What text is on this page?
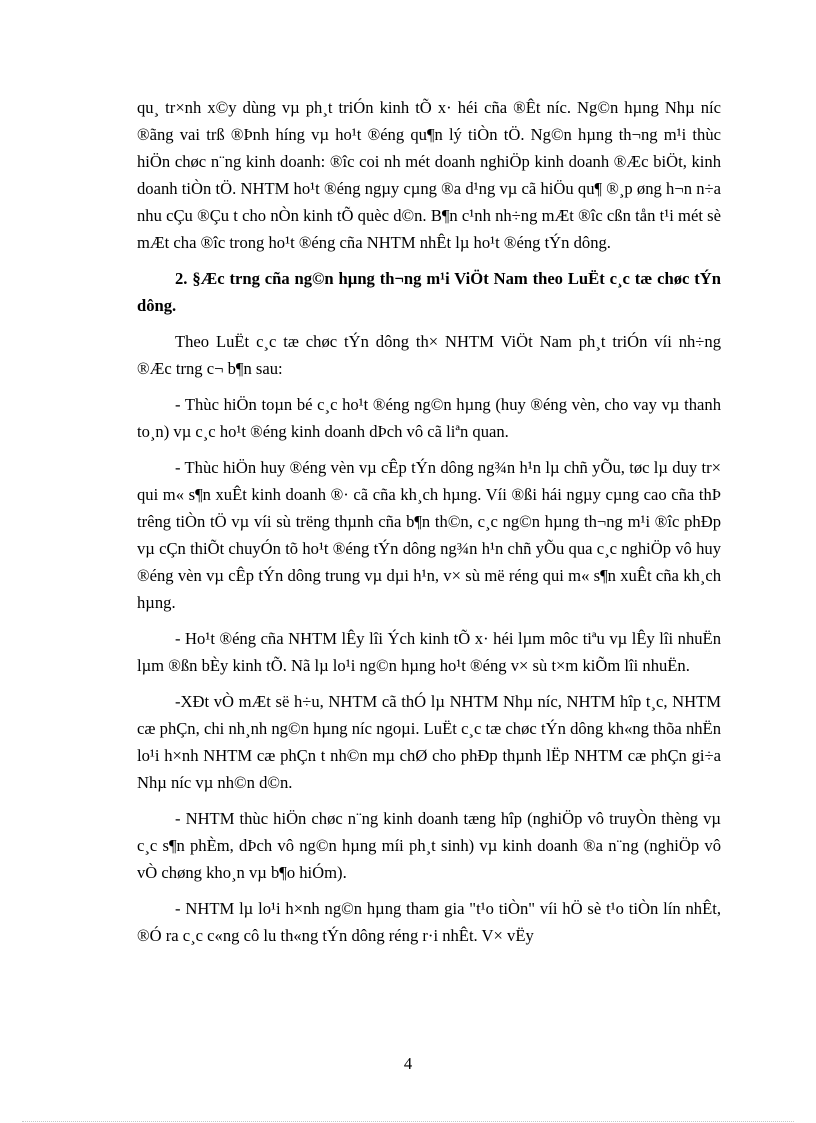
qu¸ tr×nh x©y dùng vµ ph¸t triÓn kinh tÕ x· héi cña ®Êt níc. Ng©n hµng Nhµ níc ®ãng vai trß ®Þnh híng vµ ho¹t ®éng qu¶n lý tiÒn tÖ. Ng©n hµng th¬ng m¹i thùc hiÖn chøc n¨ng kinh doanh: ®îc coi nh mét doanh nghiÖp kinh doanh ®Æc biÖt, kinh doanh tiÒn tÖ. NHTM ho¹t ®éng ngµy cµng ®a d¹ng vµ cã hiÖu qu¶ ®¸p øng h¬n n÷a nhu cÇu ®Çu t cho nÒn kinh tÕ quèc d©n. B¶n c¹nh nh÷ng mÆt ®îc cßn tån t¹i mét sè mÆt cha ®îc trong ho¹t ®éng cña NHTM nhÊt lµ ho¹t ®éng tÝn dông.

2. §Æc trng cña ng©n hµng th¬ng m¹i ViÖt Nam theo LuËt c¸c tæ chøc tÝn dông.

Theo LuËt c¸c tæ chøc tÝn dông th× NHTM ViÖt Nam ph¸t triÓn víi nh÷ng ®Æc trng c¬ b¶n sau:

- Thùc hiÖn toµn bé c¸c ho¹t ®éng ng©n hµng (huy ®éng vèn, cho vay vµ thanh to¸n) vµ c¸c ho¹t ®éng kinh doanh dÞch vô cã liªn quan.

- Thùc hiÖn huy ®éng vèn vµ cÊp tÝn dông ng¾n h¹n lµ chñ yÕu, tøc lµ duy tr× qui m« s¶n xuÊt kinh doanh ®· cã cña kh¸ch hµng. Víi ®ßi hái ngµy cµng cao cña thÞ trêng tiÒn tÖ vµ víi sù trëng thµnh cña b¶n th©n, c¸c ng©n hµng th¬ng m¹i ®îc phÐp vµ cÇn thiÕt chuyÓn tõ ho¹t ®éng tÝn dông ng¾n h¹n chñ yÕu qua c¸c nghiÖp vô huy ®éng vèn vµ cÊp tÝn dông trung vµ dµi h¹n, v× sù më réng qui m« s¶n xuÊt cña kh¸ch hµng.

- Ho¹t ®éng cña NHTM lÊy lîi Ých kinh tÕ x· héi lµm môc tiªu vµ lÊy lîi nhuËn lµm ®ßn bÈy kinh tÕ. Nã lµ lo¹i ng©n hµng ho¹t ®éng v× sù t×m kiÕm lîi nhuËn.

-XÐt vÒ mÆt së h÷u, NHTM cã thÓ lµ NHTM Nhµ níc, NHTM hîp t¸c, NHTM cæ phÇn, chi nh¸nh ng©n hµng níc ngoµi. LuËt c¸c tæ chøc tÝn dông kh«ng thõa nhËn lo¹i h×nh NHTM cæ phÇn t nh©n mµ chØ cho phÐp thµnh lËp NHTM cæ phÇn gi÷a Nhµ níc vµ nh©n d©n.

- NHTM thùc hiÖn chøc n¨ng kinh doanh tæng hîp (nghiÖp vô truyÒn thèng vµ c¸c s¶n phÈm, dÞch vô ng©n hµng míi ph¸t sinh) vµ kinh doanh ®a n¨ng (nghiÖp vô vÒ chøng kho¸n vµ b¶o hiÓm).

- NHTM lµ lo¹i h×nh ng©n hµng tham gia "t¹o tiÒn" víi hÖ sè t¹o tiÒn lín nhÊt, ®Ó ra c¸c c«ng cô lu th«ng tÝn dông réng r·i nhÊt. V× vËy

4
